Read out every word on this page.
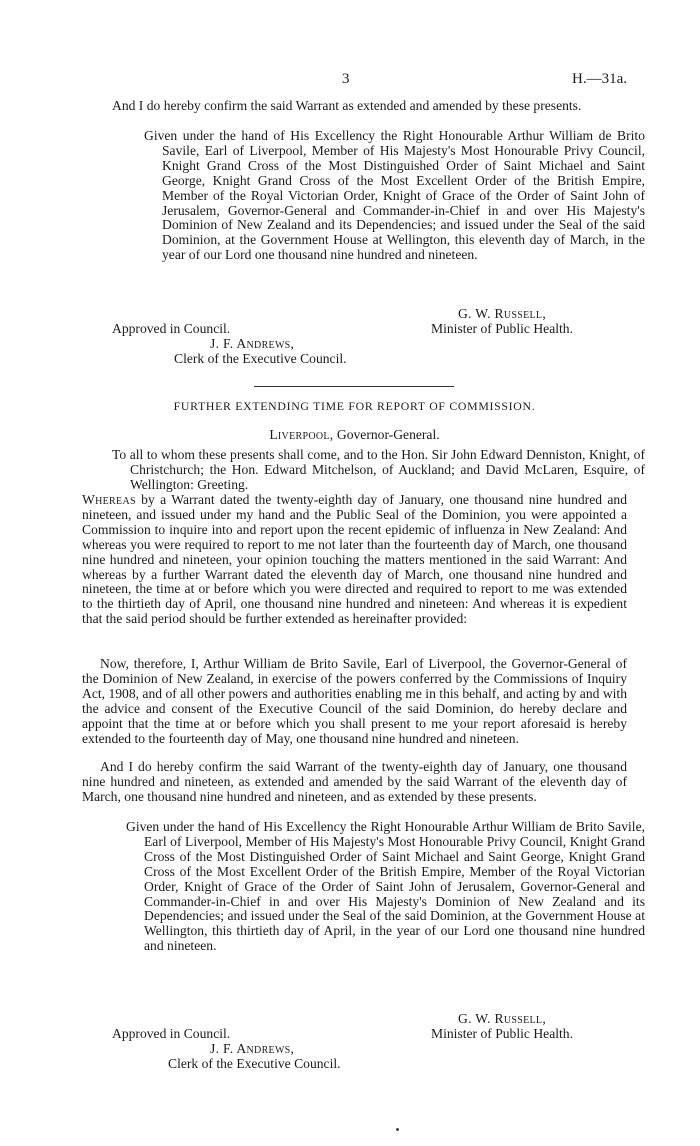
3	H.—31a.

And I do hereby confirm the said Warrant as extended and amended by these presents.

Given under the hand of His Excellency the Right Honourable Arthur William de Brito Savile, Earl of Liverpool, Member of His Majesty's Most Honourable Privy Council, Knight Grand Cross of the Most Distinguished Order of Saint Michael and Saint George, Knight Grand Cross of the Most Excellent Order of the British Empire, Member of the Royal Victorian Order, Knight of Grace of the Order of Saint John of Jerusalem, Governor-General and Commander-in-Chief in and over His Majesty's Dominion of New Zealand and its Dependencies; and issued under the Seal of the said Dominion, at the Government House at Wellington, this eleventh day of March, in the year of our Lord one thousand nine hundred and nineteen.

G. W. Russell,
Minister of Public Health.
Approved in Council.
J. F. Andrews,
Clerk of the Executive Council.
FURTHER EXTENDING TIME FOR REPORT OF COMMISSION.
Liverpool, Governor-General.

To all to whom these presents shall come, and to the Hon. Sir John Edward Denniston, Knight, of Christchurch; the Hon. Edward Mitchelson, of Auckland; and David McLaren, Esquire, of Wellington: Greeting.

Whereas by a Warrant dated the twenty-eighth day of January, one thousand nine hundred and nineteen, and issued under my hand and the Public Seal of the Dominion, you were appointed a Commission to inquire into and report upon the recent epidemic of influenza in New Zealand: And whereas you were required to report to me not later than the fourteenth day of March, one thousand nine hundred and nineteen, your opinion touching the matters mentioned in the said Warrant: And whereas by a further Warrant dated the eleventh day of March, one thousand nine hundred and nineteen, the time at or before which you were directed and required to report to me was extended to the thirtieth day of April, one thousand nine hundred and nineteen: And whereas it is expedient that the said period should be further extended as hereinafter provided:

Now, therefore, I, Arthur William de Brito Savile, Earl of Liverpool, the Governor-General of the Dominion of New Zealand, in exercise of the powers conferred by the Commissions of Inquiry Act, 1908, and of all other powers and authorities enabling me in this behalf, and acting by and with the advice and consent of the Executive Council of the said Dominion, do hereby declare and appoint that the time at or before which you shall present to me your report aforesaid is hereby extended to the fourteenth day of May, one thousand nine hundred and nineteen.

And I do hereby confirm the said Warrant of the twenty-eighth day of January, one thousand nine hundred and nineteen, as extended and amended by the said Warrant of the eleventh day of March, one thousand nine hundred and nineteen, and as extended by these presents.

Given under the hand of His Excellency the Right Honourable Arthur William de Brito Savile, Earl of Liverpool, Member of His Majesty's Most Honourable Privy Council, Knight Grand Cross of the Most Distinguished Order of Saint Michael and Saint George, Knight Grand Cross of the Most Excellent Order of the British Empire, Member of the Royal Victorian Order, Knight of Grace of the Order of Saint John of Jerusalem, Governor-General and Commander-in-Chief in and over His Majesty's Dominion of New Zealand and its Dependencies; and issued under the Seal of the said Dominion, at the Government House at Wellington, this thirtieth day of April, in the year of our Lord one thousand nine hundred and nineteen.

G. W. Russell,
Minister of Public Health.
Approved in Council.
J. F. Andrews,
Clerk of the Executive Council.
